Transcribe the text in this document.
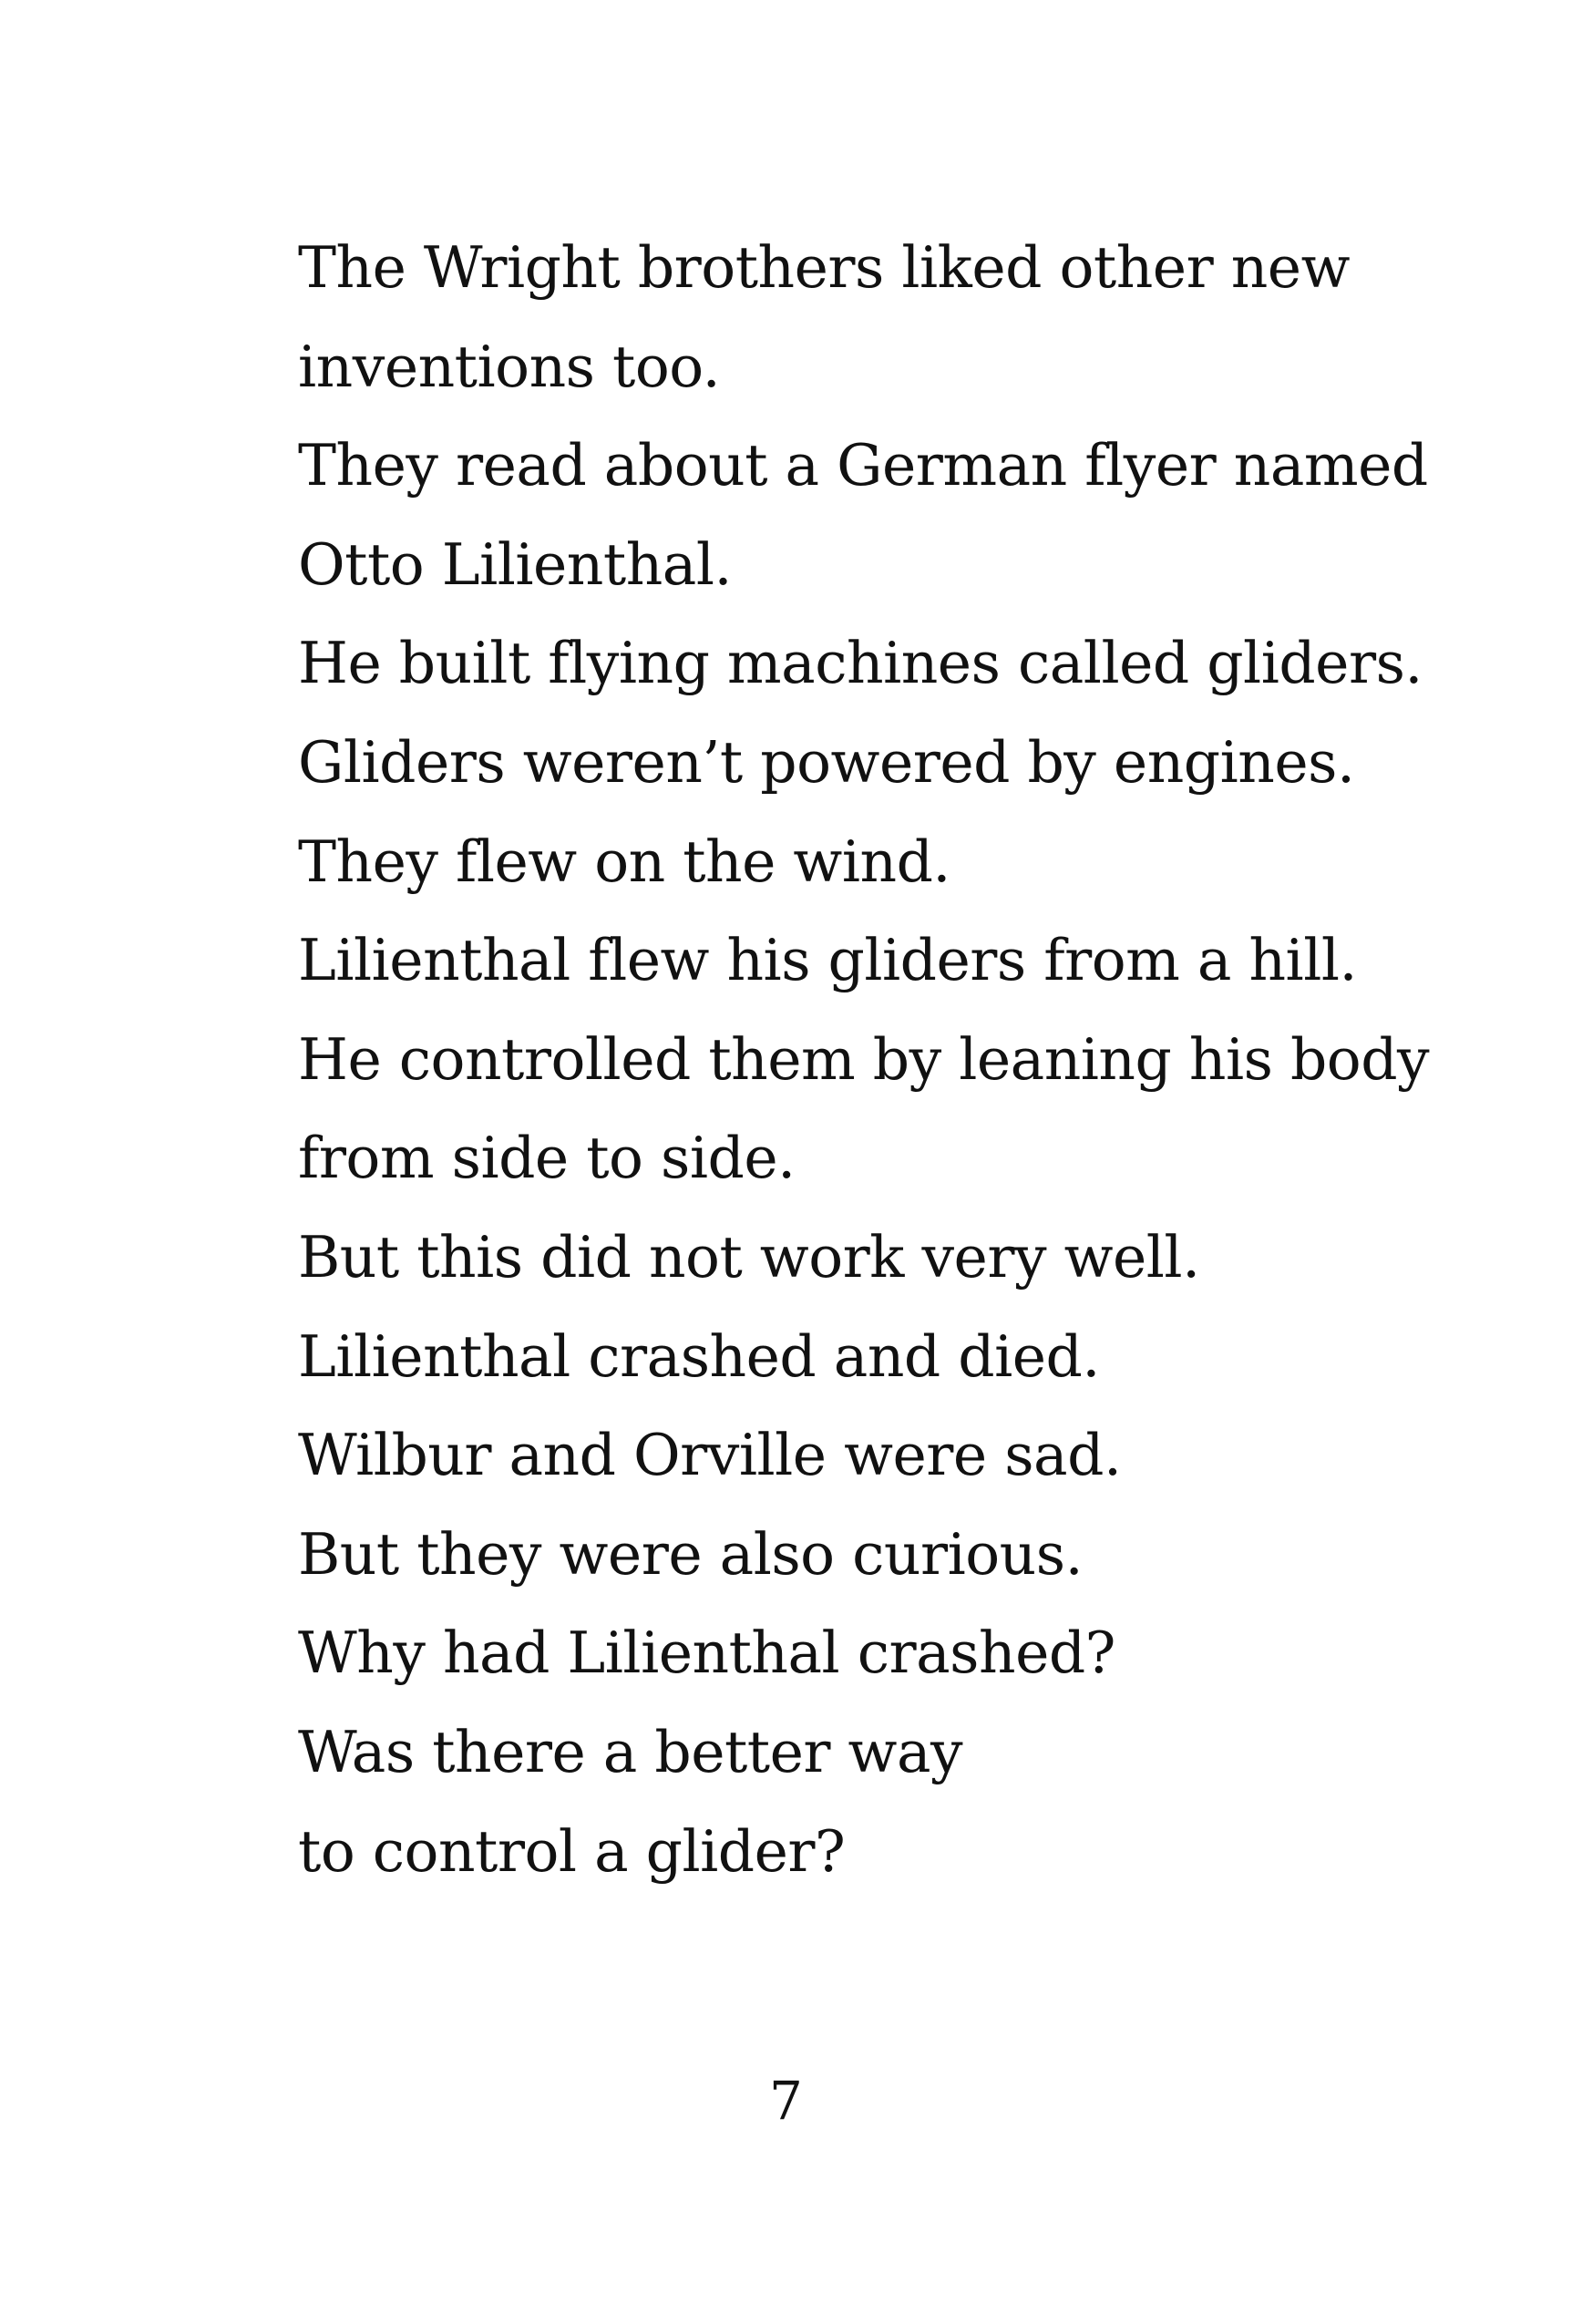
The Wright brothers liked other new
inventions too.
They read about a German flyer named
Otto Lilienthal.
He built flying machines called gliders.
Gliders weren’t powered by engines.
They flew on the wind.
Lilienthal flew his gliders from a hill.
He controlled them by leaning his body
from side to side.
But this did not work very well.
Lilienthal crashed and died.
Wilbur and Orville were sad.
But they were also curious.
Why had Lilienthal crashed?
Was there a better way
to control a glider?
7
